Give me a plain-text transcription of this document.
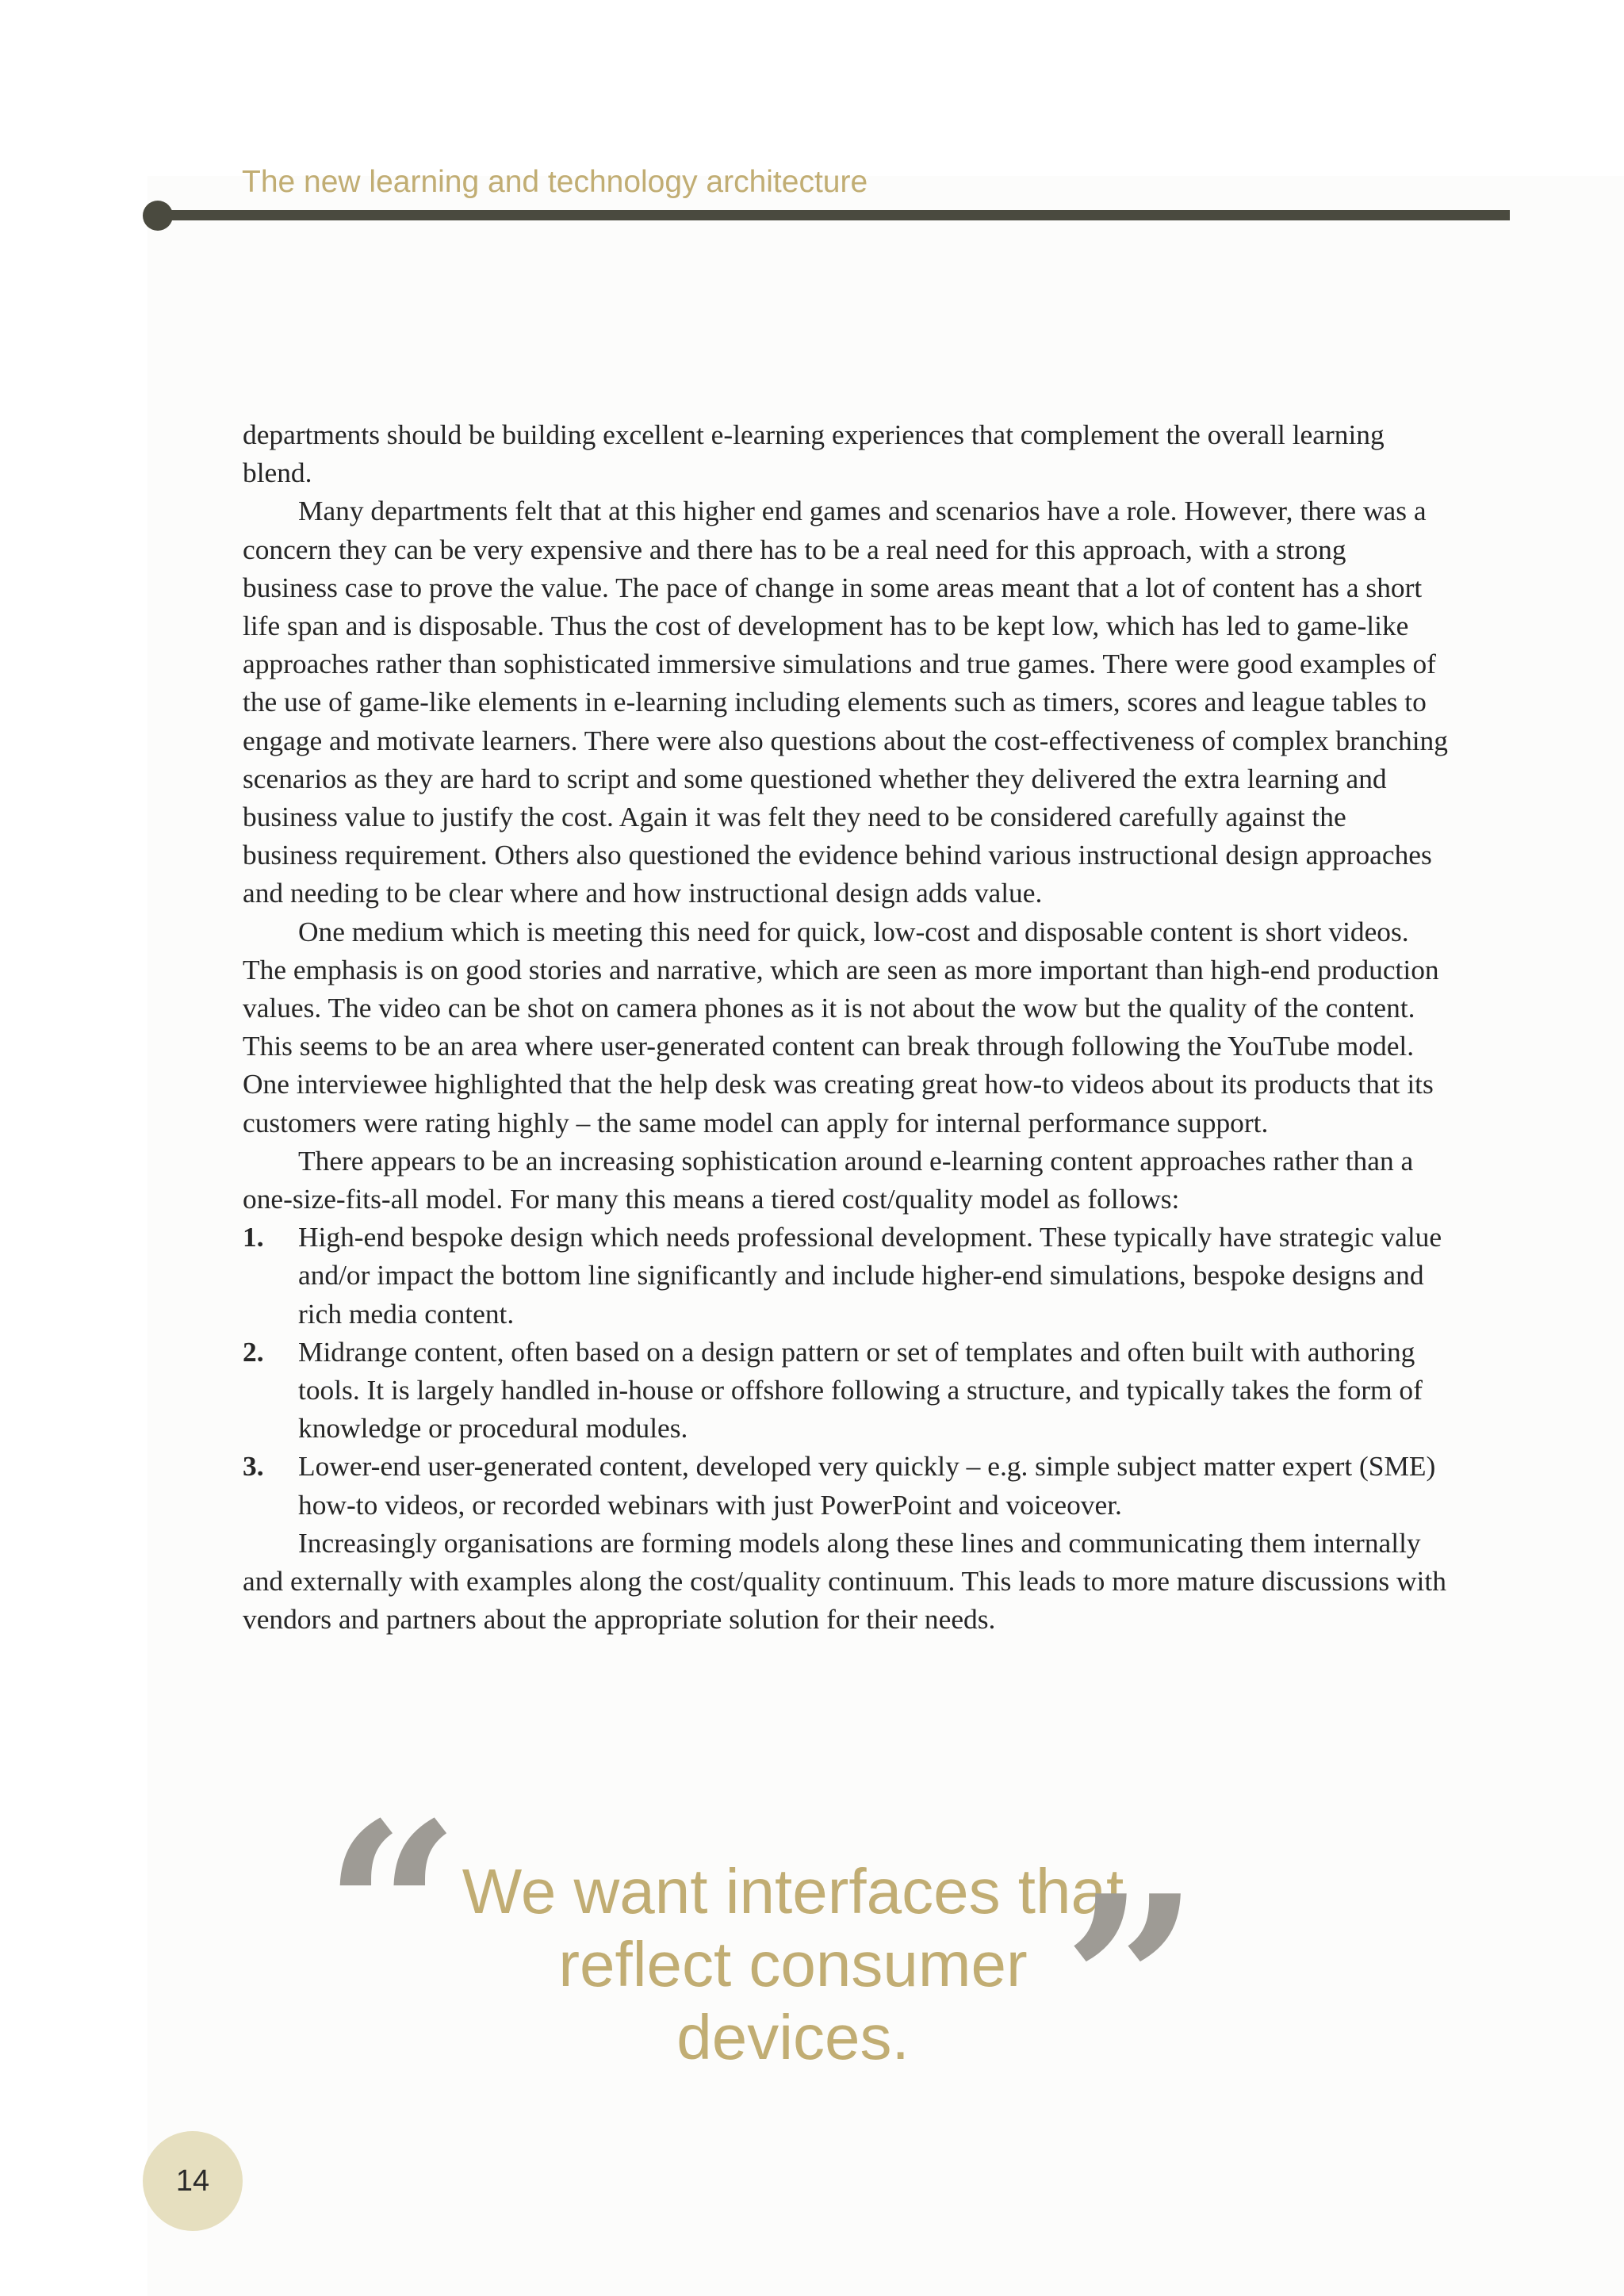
The new learning and technology architecture

departments should be building excellent e-learning experiences that complement the overall learning blend.

Many departments felt that at this higher end games and scenarios have a role. However, there was a concern they can be very expensive and there has to be a real need for this approach, with a strong business case to prove the value. The pace of change in some areas meant that a lot of content has a short life span and is disposable. Thus the cost of development has to be kept low, which has led to game-like approaches rather than sophisticated immersive simulations and true games. There were good examples of the use of game-like elements in e-learning including elements such as timers, scores and league tables to engage and motivate learners. There were also questions about the cost-effectiveness of complex branching scenarios as they are hard to script and some questioned whether they delivered the extra learning and business value to justify the cost. Again it was felt they need to be considered carefully against the business requirement. Others also questioned the evidence behind various instructional design approaches and needing to be clear where and how instructional design adds value.

One medium which is meeting this need for quick, low-cost and disposable content is short videos. The emphasis is on good stories and narrative, which are seen as more important than high-end production values. The video can be shot on camera phones as it is not about the wow but the quality of the content. This seems to be an area where user-generated content can break through following the YouTube model. One interviewee highlighted that the help desk was creating great how-to videos about its products that its customers were rating highly – the same model can apply for internal performance support.

There appears to be an increasing sophistication around e-learning content approaches rather than a one-size-fits-all model. For many this means a tiered cost/quality model as follows:

1. High-end bespoke design which needs professional development. These typically have strategic value and/or impact the bottom line significantly and include higher-end simulations, bespoke designs and rich media content.
2. Midrange content, often based on a design pattern or set of templates and often built with authoring tools. It is largely handled in-house or offshore following a structure, and typically takes the form of knowledge or procedural modules.
3. Lower-end user-generated content, developed very quickly – e.g. simple subject matter expert (SME) how-to videos, or recorded webinars with just PowerPoint and voiceover.

Increasingly organisations are forming models along these lines and communicating them internally and externally with examples along the cost/quality continuum. This leads to more mature discussions with vendors and partners about the appropriate solution for their needs.

“ We want interfaces that reflect consumer devices. ”
14
